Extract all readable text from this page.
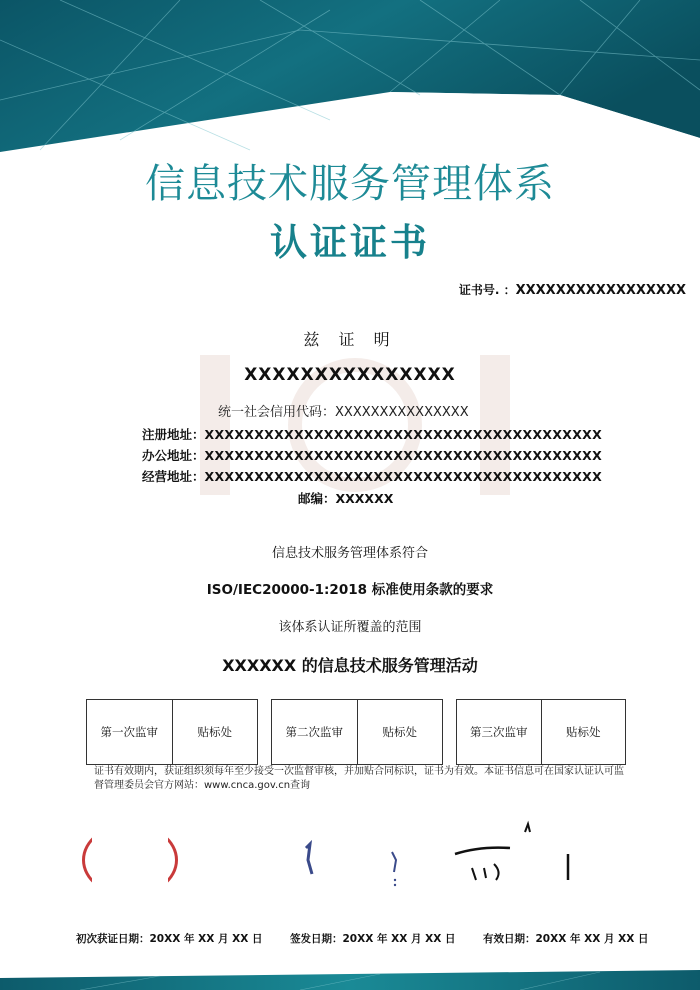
信息技术服务管理体系
认证证书
证书号. ：XXXXXXXXXXXXXXXXX
兹 证 明
XXXXXXXXXXXXXXX
统一社会信用代码：XXXXXXXXXXXXXXX
注册地址：XXXXXXXXXXXXXXXXXXXXXXXXXXXXXXXXXXXXXXXX
办公地址：XXXXXXXXXXXXXXXXXXXXXXXXXXXXXXXXXXXXXXXX
经营地址：XXXXXXXXXXXXXXXXXXXXXXXXXXXXXXXXXXXXXXXX
邮编：XXXXXX
信息技术服务管理体系符合
ISO/IEC20000-1:2018 标准使用条款的要求
该体系认证所覆盖的范围
XXXXXX 的信息技术服务管理活动
第一次监审	贴标处	第二次监审	贴标处	第三次监审	贴标处
证书有效期内，获证组织须每年至少接受一次监督审核，并加贴合同标识，证书为有效。本证书信息可在国家认证认可监督管理委员会官方网站：www.cnca.gov.cn查询
初次获证日期：20XX 年 XX 月 XX 日	签发日期：20XX 年 XX 月 XX 日	有效日期：20XX 年 XX 月 XX 日
